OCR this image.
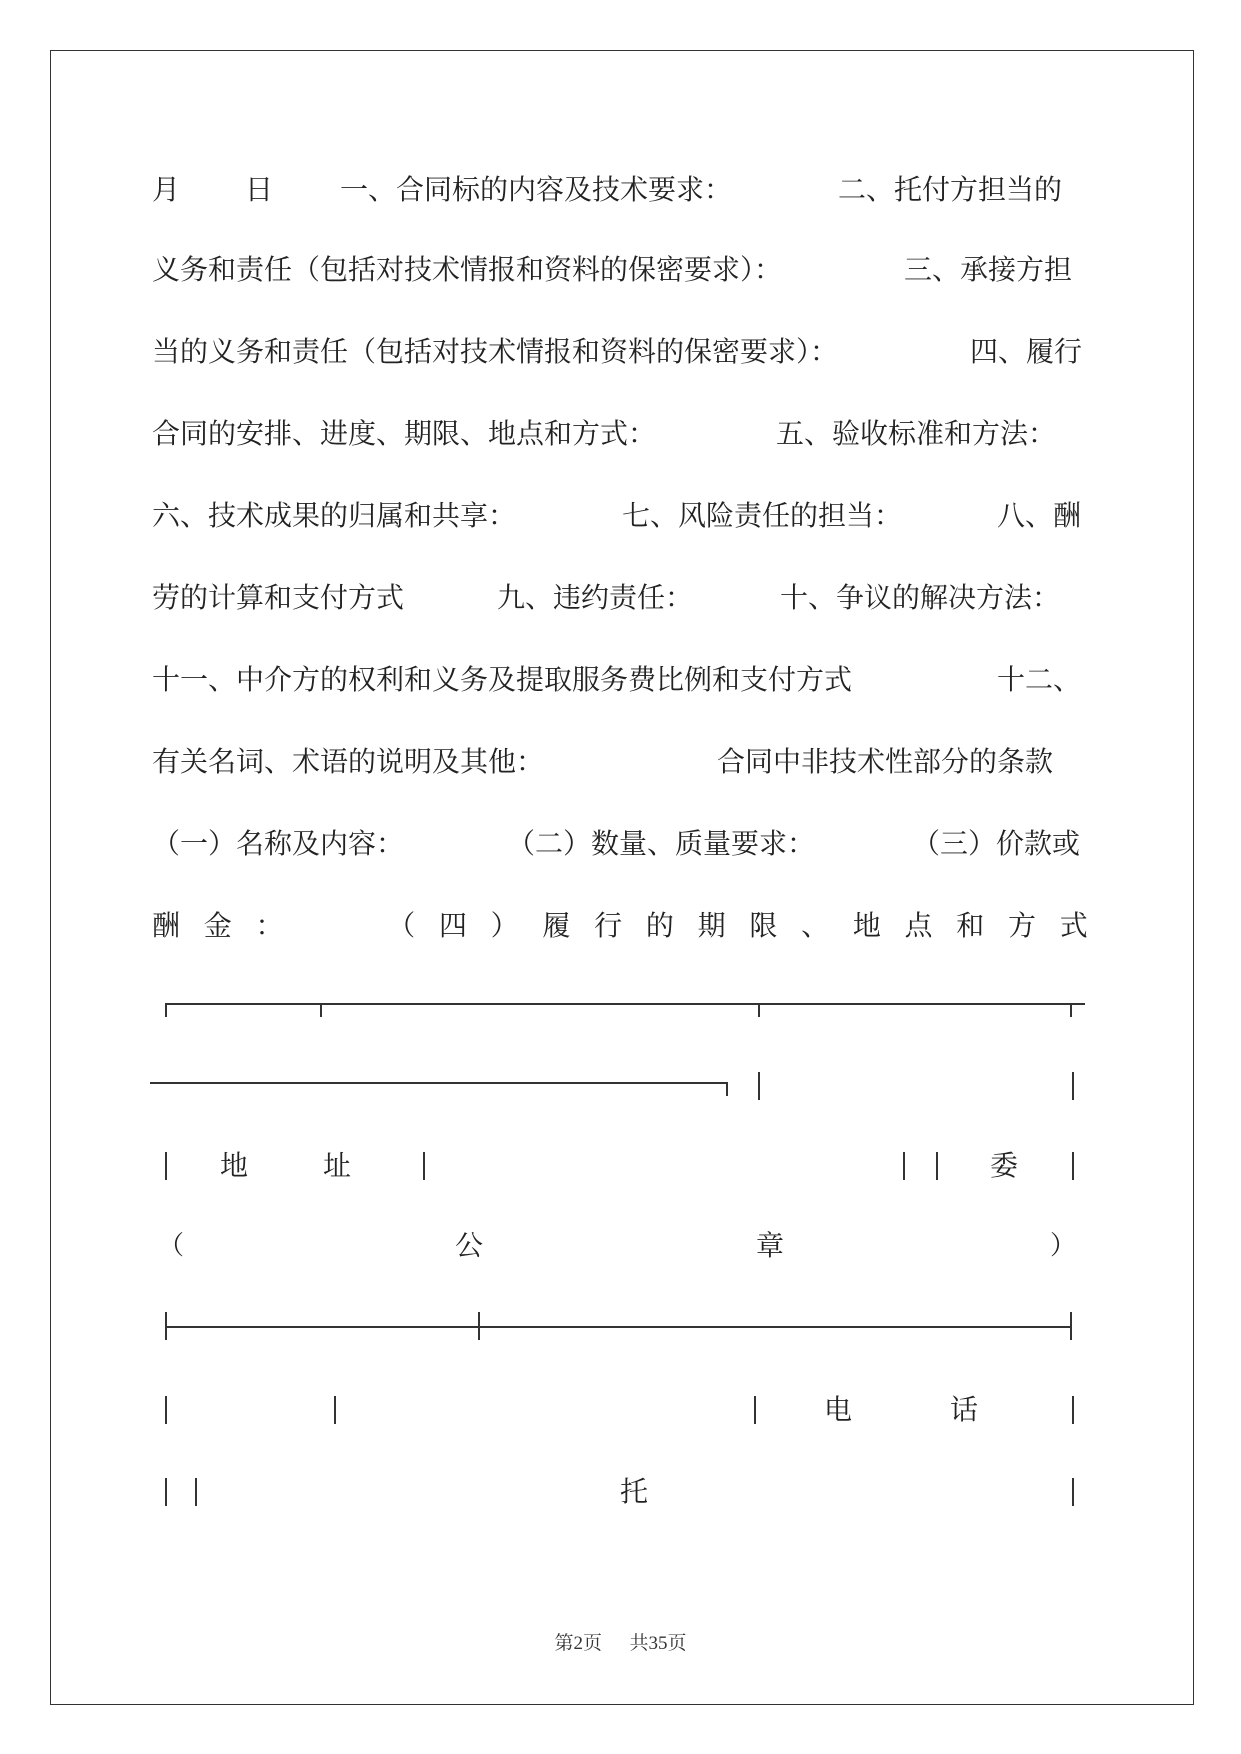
月 日 一、合同标的内容及技术要求：	二、托付方担当的
义务和责任（包括对技术情报和资料的保密要求）：	三、承接方担
当的义务和责任（包括对技术情报和资料的保密要求）：	四、履行
合同的安排、进度、期限、地点和方式：	五、验收标准和方法：
六、技术成果的归属和共享：	七、风险责任的担当：	八、酬
劳的计算和支付方式	九、违约责任：	十、争议的解决方法：
十一、中介方的权利和义务及提取服务费比例和支付方式	十二、
有关名词、术语的说明及其他：	合同中非技术性部分的条款
（一）名称及内容：	（二）数量、质量要求：	（三）价款或
酬 金 ：	（ 四 ） 履 行 的 期 限 、 地 点 和 方 式
地	址	委
（	公	章	）
电	话
托
第2页 共35页
